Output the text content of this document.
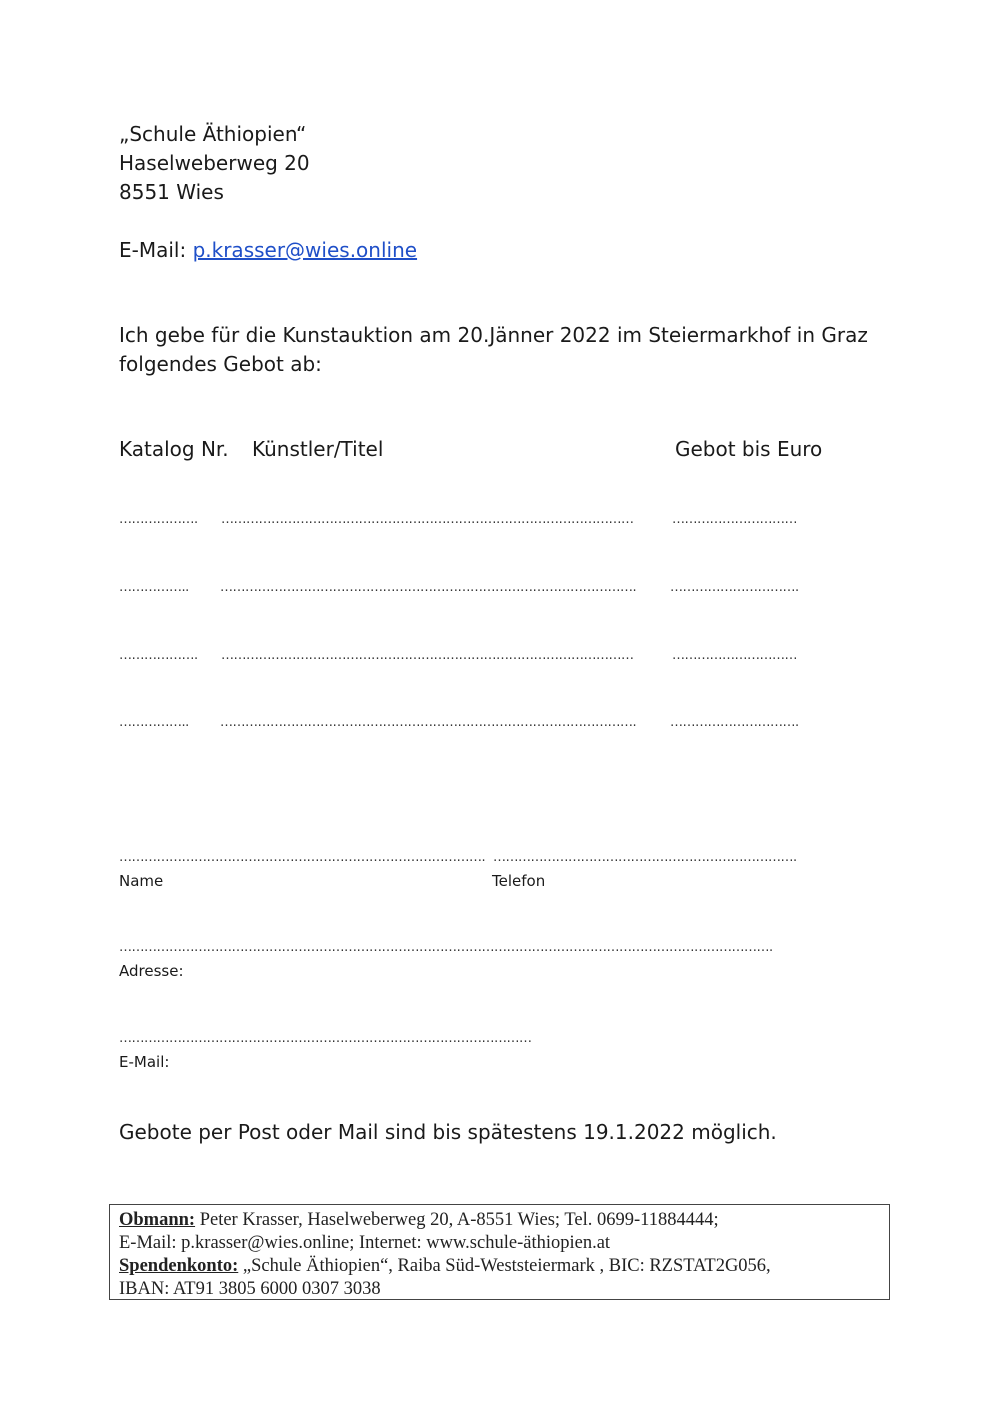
„Schule Äthiopien“
Haselweberweg 20
8551 Wies
E-Mail: p.krasser@wies.online
Ich gebe für die Kunstauktion am 20.Jänner 2022 im Steiermarkhof in Graz
folgendes Gebot ab:
Katalog Nr. Künstler/Titel	Gebot bis Euro
………………. ………………………………………………………………………………………	…………………………
…………….. ……………………………………………………………………………………….	………………………….
………………. ………………………………………………………………………………………	…………………………
…………….. ……………………………………………………………………………………….	………………………….
…………………………………………………………………………….
Name
……………………………………………………………….
Telefon
………………………………………………………………………………………………………………………………………….
Adresse:
………………………………………………………………………………………
E-Mail:
Gebote per Post oder Mail sind bis spätestens 19.1.2022 möglich.
Obmann: Peter Krasser, Haselweberweg 20, A-8551 Wies; Tel. 0699-11884444;
E-Mail: p.krasser@wies.online; Internet: www.schule-äthiopien.at
Spendenkonto: „Schule Äthiopien“, Raiba Süd-Weststeiermark , BIC: RZSTAT2G056,
IBAN: AT91 3805 6000 0307 3038
